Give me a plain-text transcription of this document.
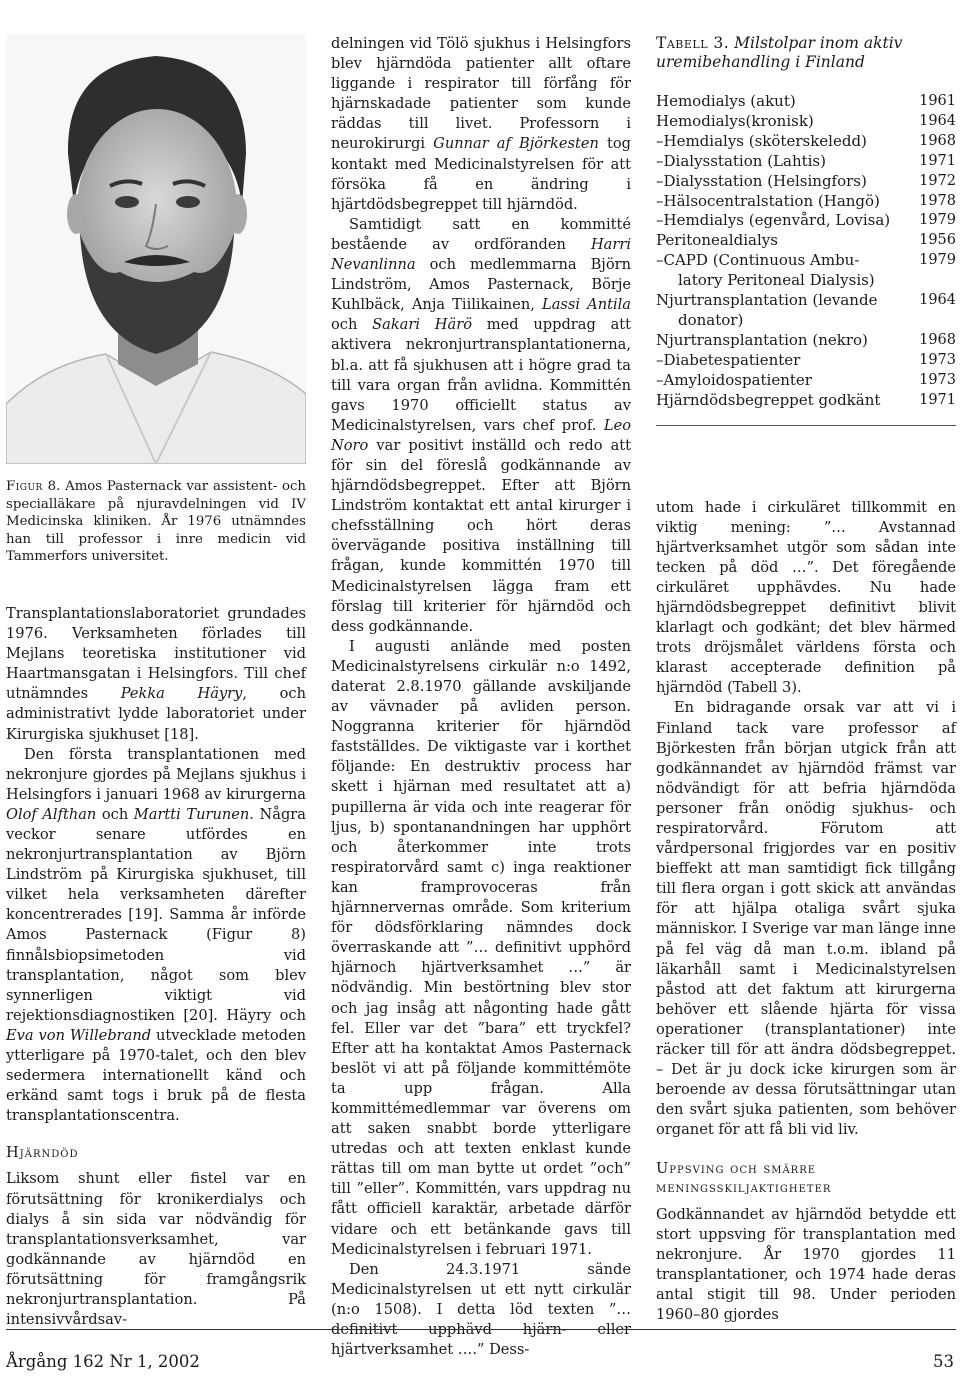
Figur 8. Amos Pasternack var assistent- och specialläkare på njuravdelningen vid IV Medicinska kliniken. År 1976 utnämndes han till professor i inre medicin vid Tammerfors universitet.

Transplantationslaboratoriet grundades 1976. Verksamheten förlades till Mejlans teoretiska institutioner vid Haartmansgatan i Helsingfors. Till chef utnämndes Pekka Häyry, och administrativt lydde laboratoriet under Kirurgiska sjukhuset [18].

Den första transplantationen med nekronjure gjordes på Mejlans sjukhus i Helsingfors i januari 1968 av kirurgerna Olof Alfthan och Martti Turunen. Några veckor senare utfördes en nekronjurtransplantation av Björn Lindström på Kirurgiska sjukhuset, till vilket hela verksamheten därefter koncentrerades [19]. Samma år införde Amos Pasternack (Figur 8) finnålsbiopsimetoden vid transplantation, något som blev synnerligen viktigt vid rejektionsdiagnostiken [20]. Häyry och Eva von Willebrand utvecklade metoden ytterligare på 1970-talet, och den blev sedermera internationellt känd och erkänd samt togs i bruk på de flesta transplantationscentra.

Hjärndöd

Liksom shunt eller fistel var en förutsättning för kronikerdialys och dialys å sin sida var nödvändig för transplantationsverksamhet, var godkännande av hjärndöd en förutsättning för framgångsrik nekronjurtransplantation. På intensivvårdsav-

delningen vid Tölö sjukhus i Helsingfors blev hjärndöda patienter allt oftare liggande i respirator till förfång för hjärnskadade patienter som kunde räddas till livet. Professorn i neurokirurgi Gunnar af Björkesten tog kontakt med Medicinalstyrelsen för att försöka få en ändring i hjärtdödsbegreppet till hjärndöd.

Samtidigt satt en kommitté bestående av ordföranden Harri Nevanlinna och medlemmarna Björn Lindström, Amos Pasternack, Börje Kuhlbäck, Anja Tiilikainen, Lassi Antila och Sakari Härö med uppdrag att aktivera nekronjurtransplantationerna, bl.a. att få sjukhusen att i högre grad ta till vara organ från avlidna. Kommittén gavs 1970 officiellt status av Medicinalstyrelsen, vars chef prof. Leo Noro var positivt inställd och redo att för sin del föreslå godkännande av hjärndödsbegreppet. Efter att Björn Lindström kontaktat ett antal kirurger i chefsställning och hört deras övervägande positiva inställning till frågan, kunde kommittén 1970 till Medicinalstyrelsen lägga fram ett förslag till kriterier för hjärndöd och dess godkännande.

I augusti anlände med posten Medicinalstyrelsens cirkulär n:o 1492, daterat 2.8.1970 gällande avskiljande av vävnader på avliden person. Noggranna kriterier för hjärndöd fastställdes. De viktigaste var i korthet följande: En destruktiv process har skett i hjärnan med resultatet att a) pupillerna är vida och inte reagerar för ljus, b) spontanandningen har upphört och återkommer inte trots respiratorvård samt c) inga reaktioner kan framprovoceras från hjärnnervernas område. Som kriterium för dödsförklaring nämndes dock överraskande att ”… definitivt upphörd hjärnoch hjärtverksamhet …” är nödvändig. Min bestörtning blev stor och jag insåg att någonting hade gått fel. Eller var det ”bara” ett tryckfel? Efter att ha kontaktat Amos Pasternack beslöt vi att på följande kommittémöte ta upp frågan. Alla kommittémedlemmar var överens om att saken snabbt borde ytterligare utredas och att texten enklast kunde rättas till om man bytte ut ordet ”och” till ”eller”. Kommittén, vars uppdrag nu fått officiell karaktär, arbetade därför vidare och ett betänkande gavs till Medicinalstyrelsen i februari 1971.

Den 24.3.1971 sände Medicinalstyrelsen ut ett nytt cirkulär (n:o 1508). I detta löd texten ”… definitivt upphävd hjärn- eller hjärtverksamhet ….” Dess-

Tabell 3. Milstolpar inom aktiv uremibehandling i Finland
Hemodialys (akut)	1961
Hemodialys(kronisk)	1964
– Hemdialys (sköterskeledd)	1968
– Dialysstation (Lahtis)	1971
– Dialysstation (Helsingfors)	1972
– Hälsocentralstation (Hangö)	1978
– Hemdialys (egenvård, Lovisa) 1979
Peritonealdialys	1956
– CAPD (Continuous Ambu-	1979
latory Peritoneal Dialysis)
Njurtransplantation (levande	1964
donator)
Njurtransplantation (nekro)	1968
– Diabetespatienter	1973
– Amyloidospatienter	1973
Hjärndödsbegreppet godkänt	1971

utom hade i cirkuläret tillkommit en viktig mening: ”… Avstannad hjärtverksamhet utgör som sådan inte tecken på död …”. Det föregående cirkuläret upphävdes. Nu hade hjärndödsbegreppet definitivt blivit klarlagt och godkänt; det blev härmed trots dröjsmålet världens första och klarast accepterade definition på hjärndöd (Tabell 3).

En bidragande orsak var att vi i Finland tack vare professor af Björkesten från början utgick från att godkännandet av hjärndöd främst var nödvändigt för att befria hjärndöda personer från onödig sjukhus- och respiratorvård. Förutom att vårdpersonal frigjordes var en positiv bieffekt att man samtidigt fick tillgång till flera organ i gott skick att användas för att hjälpa otaliga svårt sjuka människor. I Sverige var man länge inne på fel väg då man t.o.m. ibland på läkarhåll samt i Medicinalstyrelsen påstod att det faktum att kirurgerna behöver ett slående hjärta för vissa operationer (transplantationer) inte räcker till för att ändra dödsbegreppet. – Det är ju dock icke kirurgen som är beroende av dessa förutsättningar utan den svårt sjuka patienten, som behöver organet för att få bli vid liv.

Uppsving och smärre
meningsskiljaktigheter

Godkännandet av hjärndöd betydde ett stort uppsving för transplantation med nekronjure. År 1970 gjordes 11 transplantationer, och 1974 hade deras antal stigit till 98. Under perioden 1960–80 gjordes

Årgång 162 Nr 1, 2002	53
